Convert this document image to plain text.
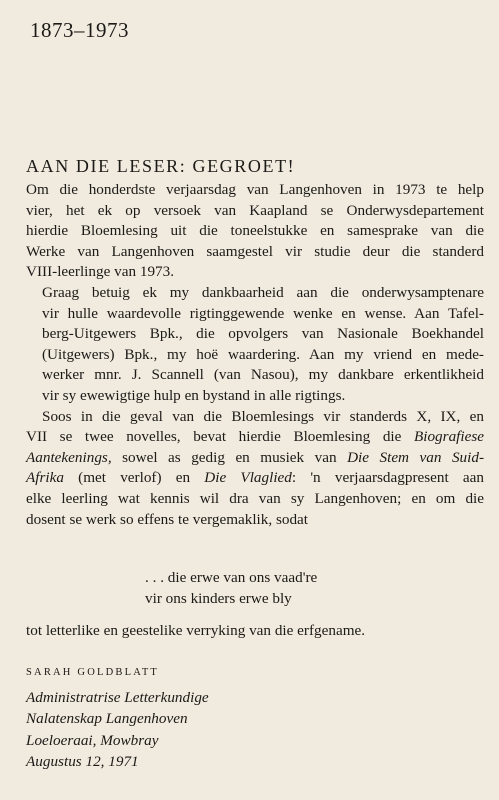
1873–1973
AAN DIE LESER: GEGROET!

Om die honderdste verjaarsdag van Langenhoven in 1973 te help
vier, het ek op versoek van Kaapland se Onderwysdepartement
hierdie Bloemlesing uit die toneelstukke en samesprake van die
Werke van Langenhoven saamgestel vir studie deur die standerd
VIII-leerlinge van 1973.

Graag betuig ek my dankbaarheid aan die onderwysamptenare
vir hulle waardevolle rigtinggewende wenke en wense. Aan Tafel-
berg-Uitgewers Bpk., die opvolgers van Nasionale Boekhandel
(Uitgewers) Bpk., my hoë waardering. Aan my vriend en mede-
werker mnr. J. Scannell (van Nasou), my dankbare erkentlikheid
vir sy ewewigtige hulp en bystand in alle rigtings.

Soos in die geval van die Bloemlesings vir standerds X, IX, en
VII se twee novelles, bevat hierdie Bloemlesing die Biografiese
Aantekenings, sowel as gedig en musiek van Die Stem van Suid-
Afrika (met verlof) en Die Vlaglied: 'n verjaarsdagpresent aan
elke leerling wat kennis wil dra van sy Langenhoven; en om die
dosent se werk so effens te vergemaklik, sodat

. . . die erwe van ons vaad're
vir ons kinders erwe bly
tot letterlike en geestelike verryking van die erfgename.
SARAH GOLDBLATT
Administratrise Letterkundige
Nalatenskap Langenhoven
Loeloeraai, Mowbray
Augustus 12, 1971
